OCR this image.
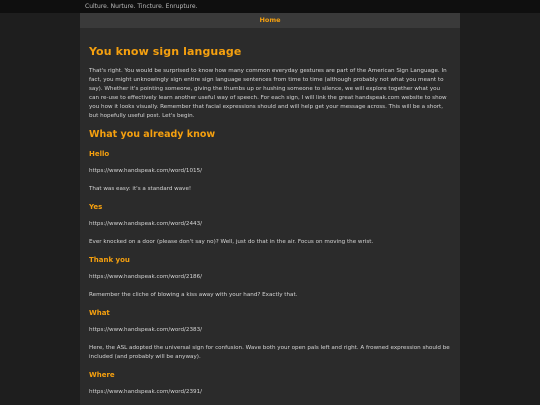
Culture. Nurture. Tincture. Enrupture.
Home
You know sign language

That's right. You would be surprised to know how many common everyday gestures are part of the American Sign Language. In fact, you might unknowingly sign entire sign language sentences from time to time (although probably not what you meant to say). Whether it's pointing someone, giving the thumbs up or hushing someone to silence, we will explore together what you can re-use to effectively learn another useful way of speech. For each sign, I will link the great handspeak.com website to show you how it looks visually. Remember that facial expressions should and will help get your message across. This will be a short, but hopefully useful post. Let's begin.

What you already know
Hello
https://www.handspeak.com/word/1015/

That was easy: it's a standard wave!

Yes
https://www.handspeak.com/word/2443/

Ever knocked on a door (please don't say no)? Well, just do that in the air. Focus on moving the wrist.

Thank you
https://www.handspeak.com/word/2186/

Remember the cliche of blowing a kiss away with your hand? Exactly that.

What
https://www.handspeak.com/word/2383/

Here, the ASL adopted the universal sign for confusion. Wave both your open pals left and right. A frowned expression should be included (and probably will be anyway).

Where
https://www.handspeak.com/word/2391/
